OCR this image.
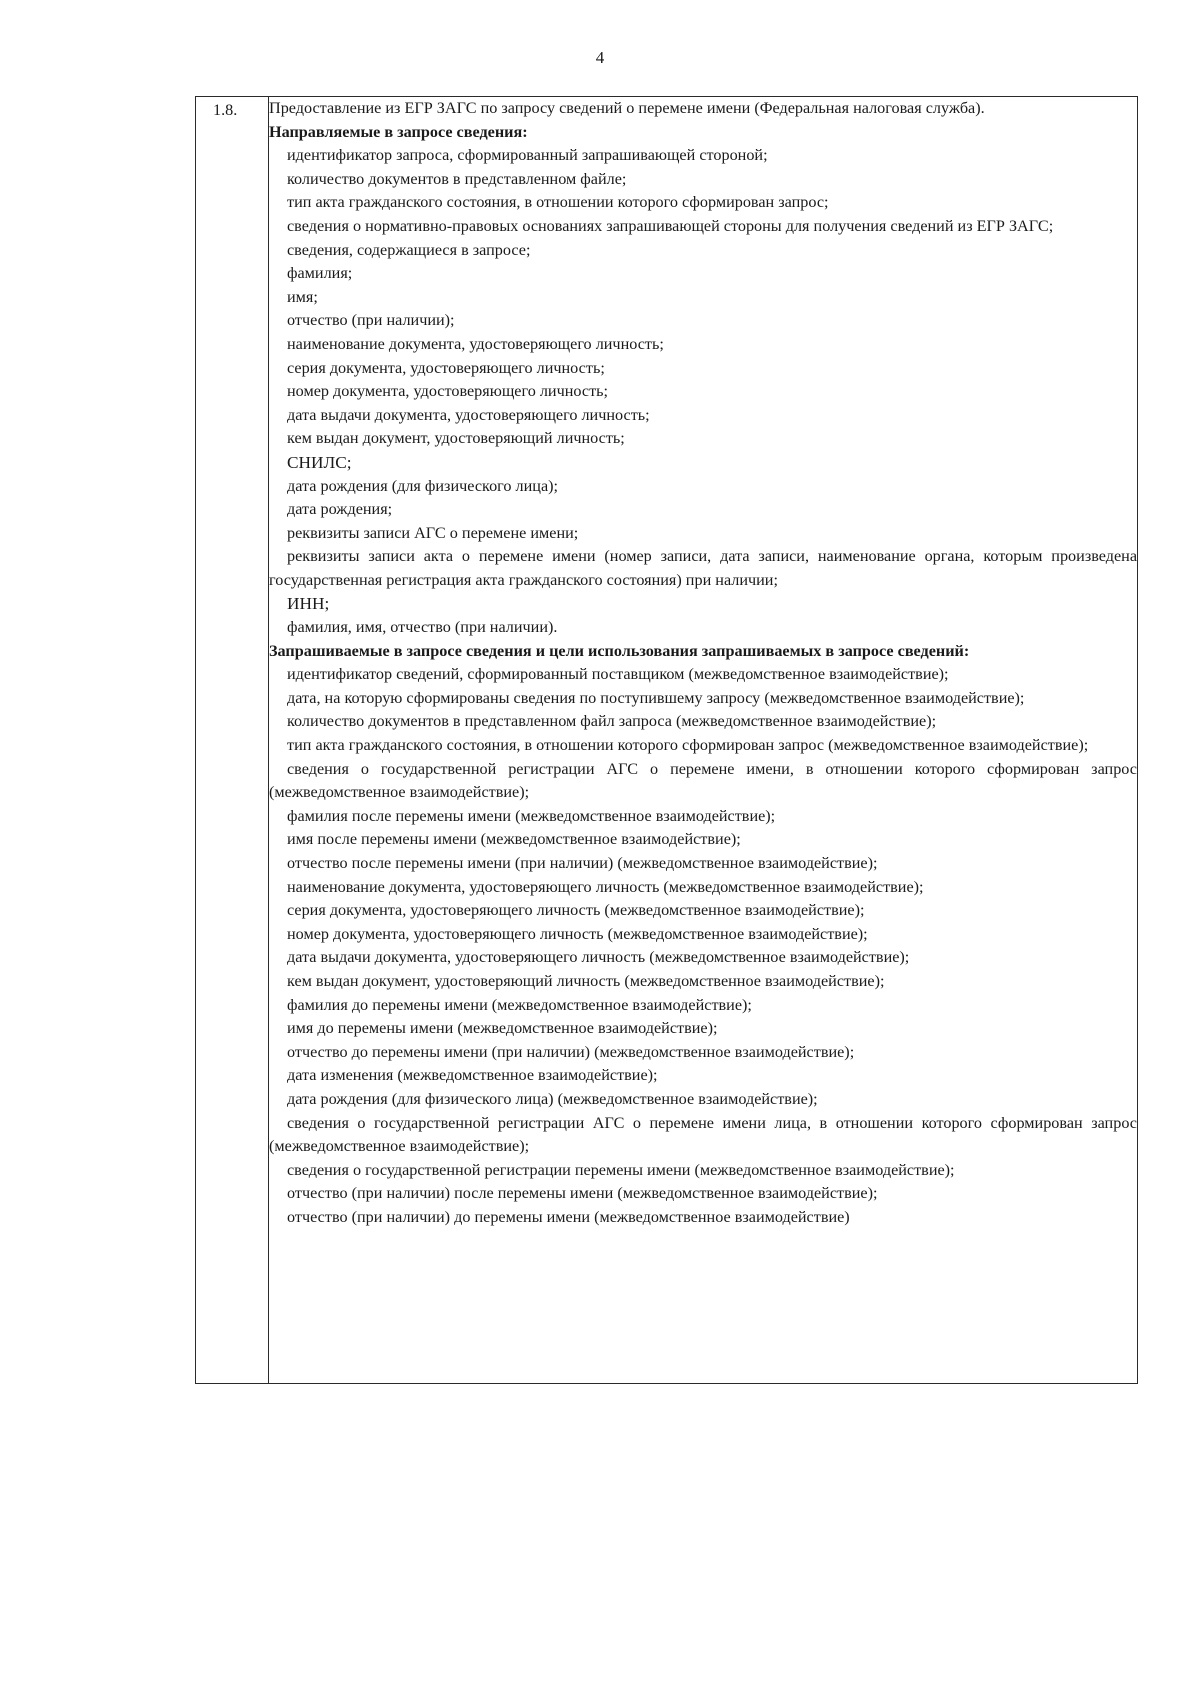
4
1.8.	Предоставление из ЕГР ЗАГС по запросу сведений о перемене имени (Федеральная налоговая служба).
Направляемые в запросе сведения:
идентификатор запроса, сформированный запрашивающей стороной;
количество документов в представленном файле;
тип акта гражданского состояния, в отношении которого сформирован запрос;
сведения о нормативно-правовых основаниях запрашивающей стороны для получения сведений из ЕГР ЗАГС;
сведения, содержащиеся в запросе;
фамилия;
имя;
отчество (при наличии);
наименование документа, удостоверяющего личность;
серия документа, удостоверяющего личность;
номер документа, удостоверяющего личность;
дата выдачи документа, удостоверяющего личность;
кем выдан документ, удостоверяющий личность;
СНИЛС;
дата рождения (для физического лица);
дата рождения;
реквизиты записи АГС о перемене имени;
реквизиты записи акта о перемене имени (номер записи, дата записи, наименование органа, которым произведена государственная регистрация акта гражданского состояния) при наличии;
ИНН;
фамилия, имя, отчество (при наличии).
Запрашиваемые в запросе сведения и цели использования запрашиваемых в запросе сведений:
идентификатор сведений, сформированный поставщиком (межведомственное взаимодействие);
дата, на которую сформированы сведения по поступившему запросу (межведомственное взаимодействие);
количество документов в представленном файл запроса (межведомственное взаимодействие);
тип акта гражданского состояния, в отношении которого сформирован запрос (межведомственное взаимодействие);
сведения о государственной регистрации АГС о перемене имени, в отношении которого сформирован запрос (межведомственное взаимодействие);
фамилия после перемены имени (межведомственное взаимодействие);
имя после перемены имени (межведомственное взаимодействие);
отчество после перемены имени (при наличии) (межведомственное взаимодействие);
наименование документа, удостоверяющего личность (межведомственное взаимодействие);
серия документа, удостоверяющего личность (межведомственное взаимодействие);
номер документа, удостоверяющего личность (межведомственное взаимодействие);
дата выдачи документа, удостоверяющего личность (межведомственное взаимодействие);
кем выдан документ, удостоверяющий личность (межведомственное взаимодействие);
фамилия до перемены имени (межведомственное взаимодействие);
имя до перемены имени (межведомственное взаимодействие);
отчество до перемены имени (при наличии) (межведомственное взаимодействие);
дата изменения (межведомственное взаимодействие);
дата рождения (для физического лица) (межведомственное взаимодействие);
сведения о государственной регистрации АГС о перемене имени лица, в отношении которого сформирован запрос (межведомственное взаимодействие);
сведения о государственной регистрации перемены имени (межведомственное взаимодействие);
отчество (при наличии) после перемены имени (межведомственное взаимодействие);
отчество (при наличии) до перемены имени (межведомственное взаимодействие)
